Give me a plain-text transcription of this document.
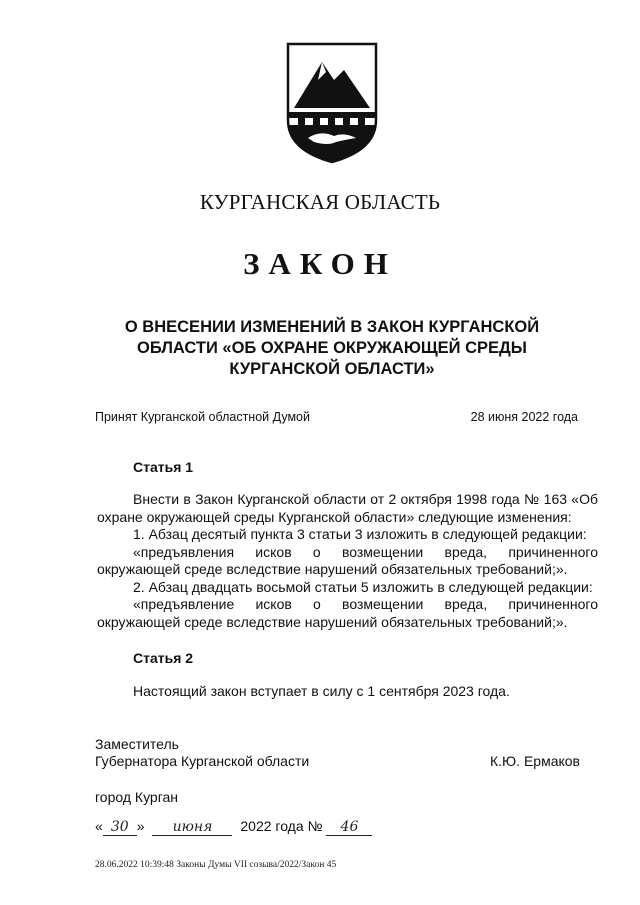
КУРГАНСКАЯ ОБЛАСТЬ
ЗАКОН
О ВНЕСЕНИИ ИЗМЕНЕНИЙ В ЗАКОН КУРГАНСКОЙ ОБЛАСТИ «ОБ ОХРАНЕ ОКРУЖАЮЩЕЙ СРЕДЫ КУРГАНСКОЙ ОБЛАСТИ»
Принят Курганской областной Думой	28 июня 2022 года
Статья 1

Внести в Закон Курганской области от 2 октября 1998 года № 163 «Об охране окружающей среды Курганской области» следующие изменения:

1. Абзац десятый пункта 3 статьи 3 изложить в следующей редакции:

«предъявления исков о возмещении вреда, причиненного окружающей среде вследствие нарушений обязательных требований;».

2. Абзац двадцать восьмой статьи 5 изложить в следующей редакции:

«предъявление исков о возмещении вреда, причиненного окружающей среде вследствие нарушений обязательных требований;».

Статья 2

Настоящий закон вступает в силу с 1 сентября 2023 года.

Заместитель
Губернатора Курганской области	К.Ю. Ермаков
город Курган
« 30 » июня 2022 года № 46
28.06.2022 10:39:48 Законы Думы VII созыва/2022/Закон 45
